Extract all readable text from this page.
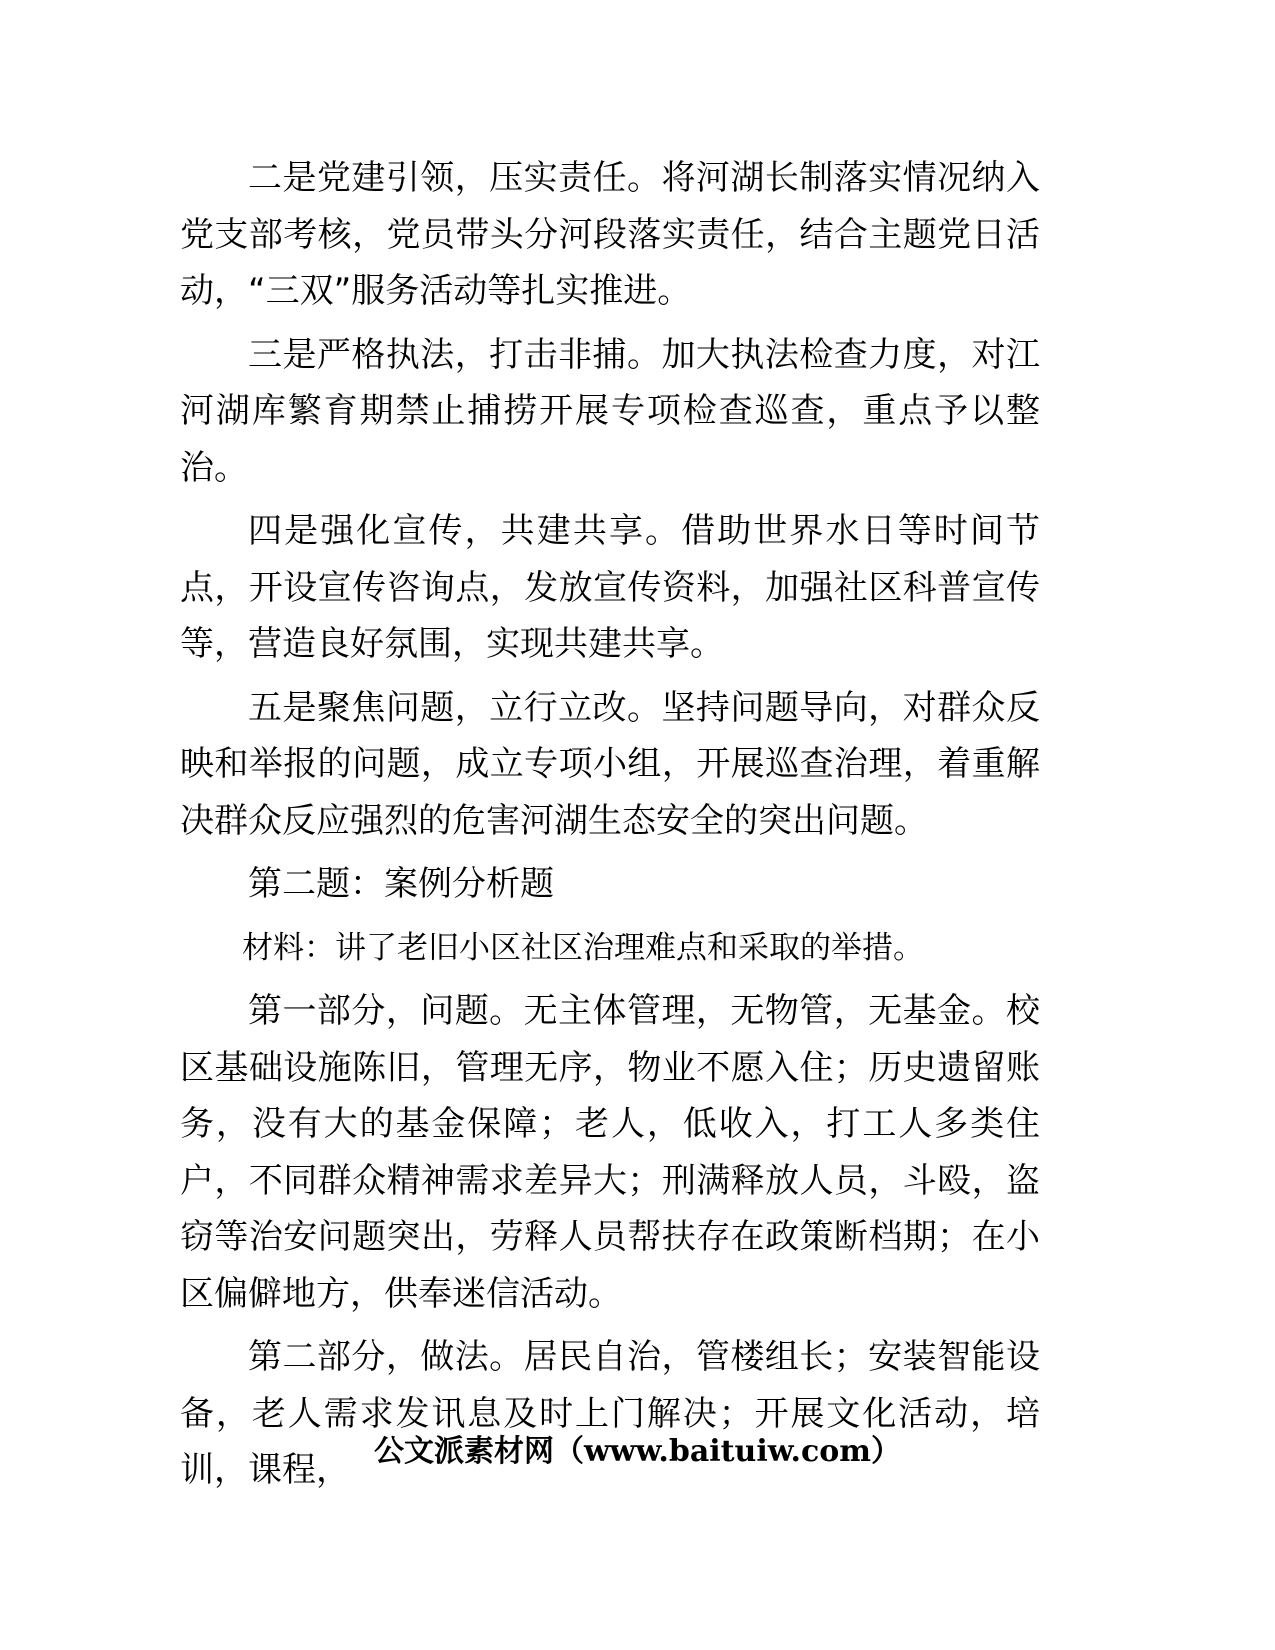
二是党建引领，压实责任。将河湖长制落实情况纳入党支部考核，党员带头分河段落实责任，结合主题党日活动，“三双”服务活动等扎实推进。

三是严格执法，打击非捕。加大执法检查力度，对江河湖库繁育期禁止捕捞开展专项检查巡查，重点予以整治。

四是强化宣传，共建共享。借助世界水日等时间节点，开设宣传咨询点，发放宣传资料，加强社区科普宣传等，营造良好氛围，实现共建共享。

五是聚焦问题，立行立改。坚持问题导向，对群众反映和举报的问题，成立专项小组，开展巡查治理，着重解决群众反应强烈的危害河湖生态安全的突出问题。

第二题：案例分析题

材料：讲了老旧小区社区治理难点和采取的举措。

第一部分，问题。无主体管理，无物管，无基金。校区基础设施陈旧，管理无序，物业不愿入住；历史遗留账务，没有大的基金保障；老人，低收入，打工人多类住户，不同群众精神需求差异大；刑满释放人员，斗殴，盗窃等治安问题突出，劳释人员帮扶存在政策断档期；在小区偏僻地方，供奉迷信活动。

第二部分，做法。居民自治，管楼组长；安装智能设备，老人需求发讯息及时上门解决；开展文化活动，培训，课程， 公文派素材网（www.baituiw.com）
